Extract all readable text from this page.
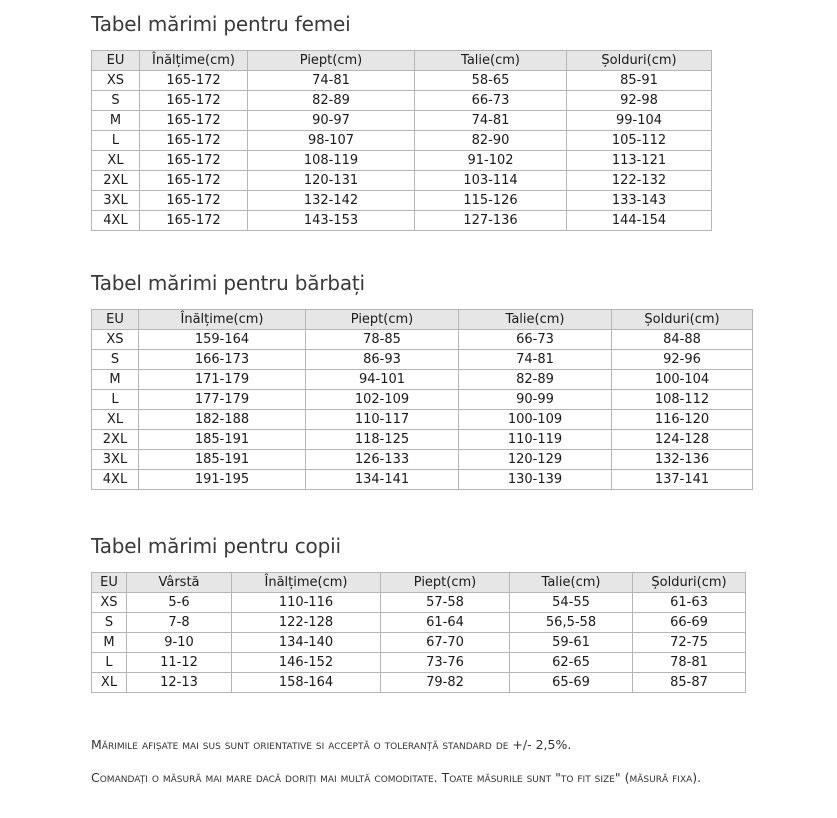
Tabel mărimi pentru femei
EU	Înălțime(cm)	Piept(cm)	Talie(cm)	Șolduri(cm)
XS	165-172	74-81	58-65	85-91
S	165-172	82-89	66-73	92-98
M	165-172	90-97	74-81	99-104
L	165-172	98-107	82-90	105-112
XL	165-172	108-119	91-102	113-121
2XL	165-172	120-131	103-114	122-132
3XL	165-172	132-142	115-126	133-143
4XL	165-172	143-153	127-136	144-154
Tabel mărimi pentru bărbați
EU	Înălțime(cm)	Piept(cm)	Talie(cm)	Șolduri(cm)
XS	159-164	78-85	66-73	84-88
S	166-173	86-93	74-81	92-96
M	171-179	94-101	82-89	100-104
L	177-179	102-109	90-99	108-112
XL	182-188	110-117	100-109	116-120
2XL	185-191	118-125	110-119	124-128
3XL	185-191	126-133	120-129	132-136
4XL	191-195	134-141	130-139	137-141
Tabel mărimi pentru copii
EU	Vârstă	Înălțime(cm)	Piept(cm)	Talie(cm)	Șolduri(cm)
XS	5-6	110-116	57-58	54-55	61-63
S	7-8	122-128	61-64	56,5-58	66-69
M	9-10	134-140	67-70	59-61	72-75
L	11-12	146-152	73-76	62-65	78-81
XL	12-13	158-164	79-82	65-69	85-87
Mărimile afișate mai sus sunt orientative si acceptă o toleranță standard de +/- 2,5%.
Comandați o măsură mai mare dacă doriți mai multă comoditate. Toate măsurile sunt "to fit size" (măsură fixa).
